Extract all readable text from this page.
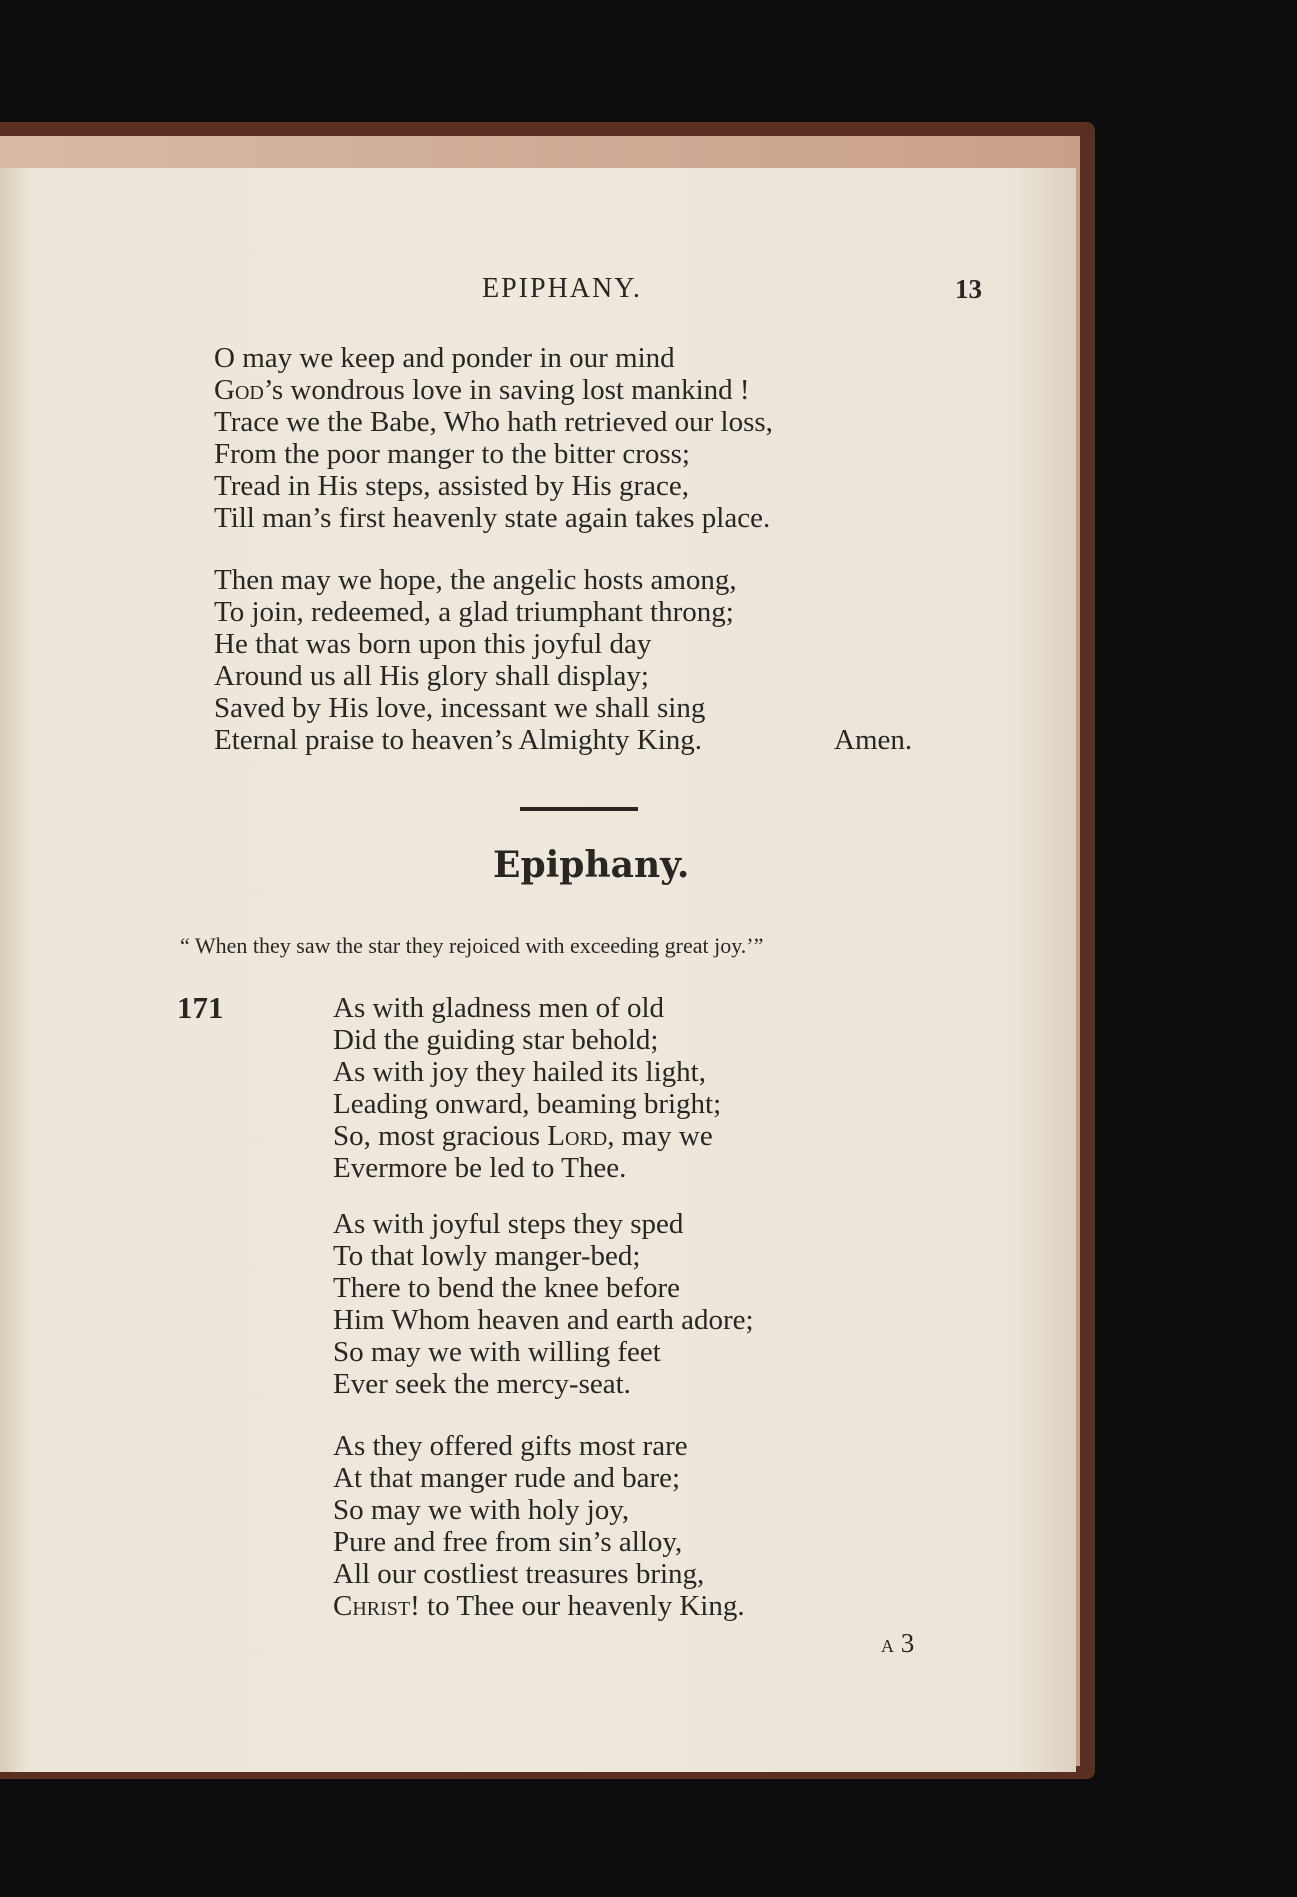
EPIPHANY.	13
O may we keep and ponder in our mind
God’s wondrous love in saving lost mankind !
Trace we the Babe, Who hath retrieved our loss,
From the poor manger to the bitter cross;
Tread in His steps, assisted by His grace,
Till man’s first heavenly state again takes place.
Then may we hope, the angelic hosts among,
To join, redeemed, a glad triumphant throng;
He that was born upon this joyful day
Around us all His glory shall display;
Saved by His love, incessant we shall sing
Eternal praise to heaven’s Almighty King.	Amen.
Epiphany.
“ When they saw the star they rejoiced with exceeding great joy.’”
171	As with gladness men of old
Did the guiding star behold;
As with joy they hailed its light,
Leading onward, beaming bright;
So, most gracious Lord, may we
Evermore be led to Thee.
As with joyful steps they sped
To that lowly manger-bed;
There to bend the knee before
Him Whom heaven and earth adore;
So may we with willing feet
Ever seek the mercy-seat.
As they offered gifts most rare
At that manger rude and bare;
So may we with holy joy,
Pure and free from sin’s alloy,
All our costliest treasures bring,
Christ! to Thee our heavenly King.
A 3
